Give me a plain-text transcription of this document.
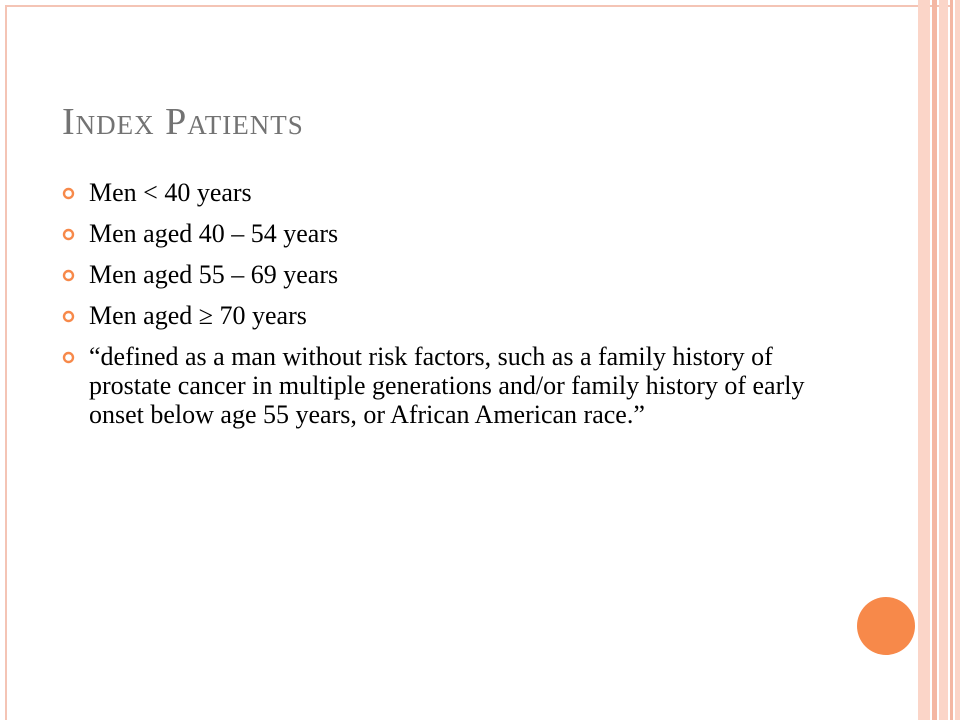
Index Patients
Men < 40 years
Men aged 40 – 54 years
Men aged 55 – 69 years
Men aged ≥ 70 years
“defined as a man without risk factors, such as a family history of prostate cancer in multiple generations and/or family history of early onset below age 55 years, or African American race.”
